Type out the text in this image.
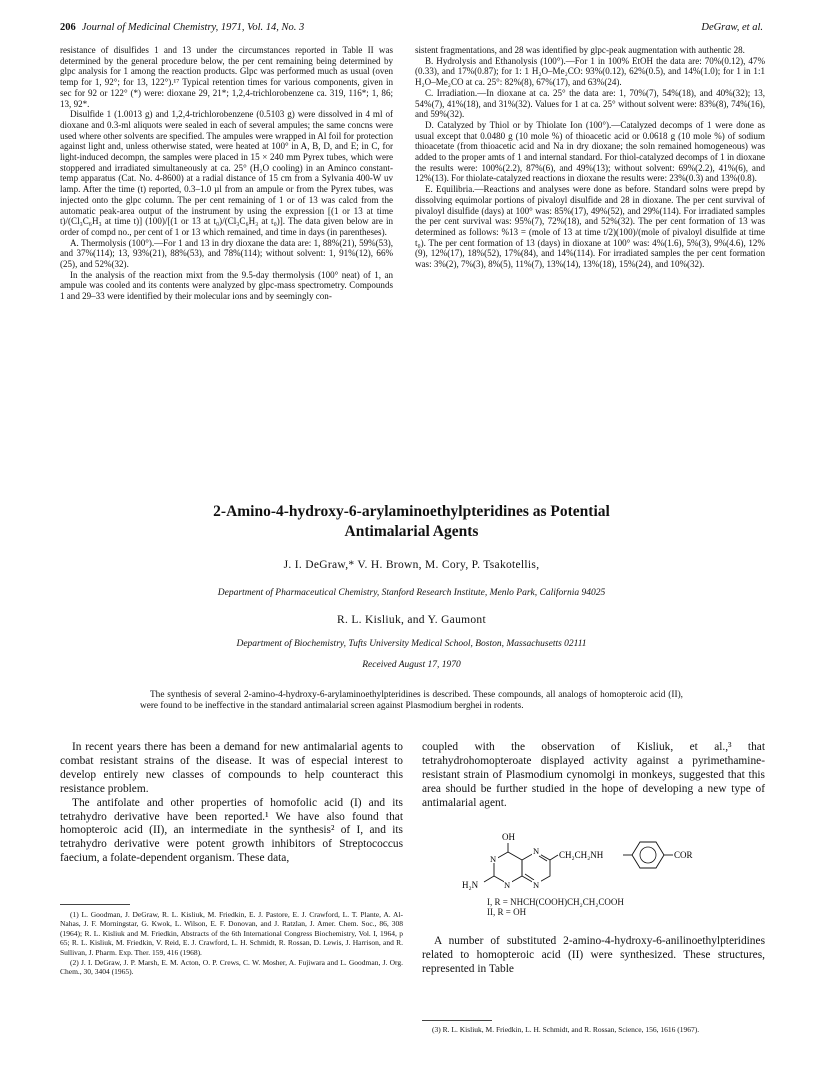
206 Journal of Medicinal Chemistry, 1971, Vol. 14, No. 3	DeGraw, et al.

resistance of disulfides 1 and 13 under the circumstances reported in Table II was determined by the general procedure below, the per cent remaining being determined by glpc analysis for 1 among the reaction products. Glpc was performed much as usual (oven temp for 1, 92°; for 13, 122°).¹⁷ Typical retention times for various components, given in sec for 92 or 122° (*) were: dioxane 29, 21*; 1,2,4-trichlorobenzene ca. 319, 116*; 1, 86; 13, 92*.

Disulfide 1 (1.0013 g) and 1,2,4-trichlorobenzene (0.5103 g) were dissolved in 4 ml of dioxane and 0.3-ml aliquots were sealed in each of several ampules; the same concns were used where other solvents are specified. The ampules were wrapped in Al foil for protection against light and, unless otherwise stated, were heated at 100° in A, B, D, and E; in C, for light-induced decompn, the samples were placed in 15 × 240 mm Pyrex tubes, which were stoppered and irradiated simultaneously at ca. 25° (H₂O cooling) in an Aminco constant-temp apparatus (Cat. No. 4-8600) at a radial distance of 15 cm from a Sylvania 400-W uv lamp. After the time (t) reported, 0.3–1.0 µl from an ampule or from the Pyrex tubes, was injected onto the glpc column. The per cent remaining of 1 or of 13 was calcd from the automatic peak-area output of the instrument by using the expression [(1 or 13 at time t)/(Cl₃C₆H₃ at time t)] (100)/[(1 or 13 at t₀)/(Cl₃C₆H₃ at t₀)]. The data given below are in order of compd no., per cent of 1 or 13 which remained, and time in days (in parentheses).

A. Thermolysis (100°).—For 1 and 13 in dry dioxane the data are: 1, 88%(21), 59%(53), and 37%(114); 13, 93%(21), 88%(53), and 78%(114); without solvent: 1, 91%(12), 66%(25), and 52%(32).

In the analysis of the reaction mixt from the 9.5-day thermolysis (100° neat) of 1, an ampule was cooled and its contents were analyzed by glpc-mass spectrometry. Compounds 1 and 29–33 were identified by their molecular ions and by seemingly con-

sistent fragmentations, and 28 was identified by glpc-peak augmentation with authentic 28.

B. Hydrolysis and Ethanolysis (100°).—For 1 in 100% EtOH the data are: 70%(0.12), 47%(0.33), and 17%(0.87); for 1: 1 H₂O–Me₂CO: 93%(0.12), 62%(0.5), and 14%(1.0); for 1 in 1:1 H₂O–Me₂CO at ca. 25°: 82%(8), 67%(17), and 63%(24).

C. Irradiation.—In dioxane at ca. 25° the data are: 1, 70%(7), 54%(18), and 40%(32); 13, 54%(7), 41%(18), and 31%(32). Values for 1 at ca. 25° without solvent were: 83%(8), 74%(16), and 59%(32).

D. Catalyzed by Thiol or by Thiolate Ion (100°).—Catalyzed decomps of 1 were done as usual except that 0.0480 g (10 mole %) of thioacetic acid or 0.0618 g (10 mole %) of sodium thioacetate (from thioacetic acid and Na in dry dioxane; the soln remained homogeneous) was added to the proper amts of 1 and internal standard. For thiol-catalyzed decomps of 1 in dioxane the results were: 100%(2.2), 87%(6), and 49%(13); without solvent: 69%(2.2), 41%(6), and 12%(13). For thiolate-catalyzed reactions in dioxane the results were: 23%(0.3) and 13%(0.8).

E. Equilibria.—Reactions and analyses were done as before. Standard solns were prepd by dissolving equimolar portions of pivaloyl disulfide and 28 in dioxane. The per cent survival of pivaloyl disulfide (days) at 100° was: 85%(17), 49%(52), and 29%(114). For irradiated samples the per cent survival was: 95%(7), 72%(18), and 52%(32). The per cent formation of 13 was determined as follows: %13 = (mole of 13 at time t/2)(100)/(mole of pivaloyl disulfide at time t₀). The per cent formation of 13 (days) in dioxane at 100° was: 4%(1.6), 5%(3), 9%(4.6), 12%(9), 12%(17), 18%(52), 17%(84), and 14%(114). For irradiated samples the per cent formation was: 3%(2), 7%(3), 8%(5), 11%(7), 13%(14), 13%(18), 15%(24), and 10%(32).

2-Amino-4-hydroxy-6-arylaminoethylpteridines as Potential
Antimalarial Agents
J. I. DeGraw,* V. H. Brown, M. Cory, P. Tsakotellis,
Department of Pharmaceutical Chemistry, Stanford Research Institute, Menlo Park, California 94025
R. L. Kisliuk, and Y. Gaumont
Department of Biochemistry, Tufts University Medical School, Boston, Massachusetts 02111
Received August 17, 1970

The synthesis of several 2-amino-4-hydroxy-6-arylaminoethylpteridines is described. These compounds, all analogs of homopteroic acid (II), were found to be ineffective in the standard antimalarial screen against Plasmodium berghei in rodents.

In recent years there has been a demand for new antimalarial agents to combat resistant strains of the disease. It was of especial interest to develop entirely new classes of compounds to help counteract this resistance problem.

The antifolate and other properties of homofolic acid (I) and its tetrahydro derivative have been reported.¹ We have also found that homopteroic acid (II), an intermediate in the synthesis² of I, and its tetrahydro derivative were potent growth inhibitors of Streptococcus faecium, a folate-dependent organism. These data,

(1) L. Goodman, J. DeGraw, R. L. Kisliuk, M. Friedkin, E. J. Pastore, E. J. Crawford, L. T. Plante, A. Al-Nahas, J. F. Morningstar, G. Kwok, L. Wilson, E. F. Donovan, and J. Ratzlan, J. Amer. Chem. Soc., 86, 308 (1964); R. L. Kisliuk and M. Friedkin, Abstracts of the 6th International Congress Biochemistry, Vol. I, 1964, p 65; R. L. Kisliuk, M. Friedkin, V. Reid, E. J. Crawford, L. H. Schmidt, R. Rossan, D. Lewis, J. Harrison, and R. Sullivan, J. Pharm. Exp. Ther. 159, 416 (1968).

(2) J. I. DeGraw, J. P. Marsh, E. M. Acton, O. P. Crews, C. W. Mosher, A. Fujiwara and L. Goodman, J. Org. Chem., 30, 3404 (1965).

coupled with the observation of Kisliuk, et al.,³ that tetrahydrohomopteroate displayed activity against a pyrimethamine-resistant strain of Plasmodium cynomolgi in monkeys, suggested that this area should be further studied in the hope of developing a new type of antimalarial agent.

OH
N
N
N	N
H₂N
CH₂CH₂NH	COR
I, R = NHCH(COOH)CH₂CH₂COOH
II, R = OH

A number of substituted 2-amino-4-hydroxy-6-anilinoethylpteridines related to homopteroic acid (II) were synthesized. These structures, represented in Table

(3) R. L. Kisliuk, M. Friedkin, L. H. Schmidt, and R. Rossan, Science, 156, 1616 (1967).
